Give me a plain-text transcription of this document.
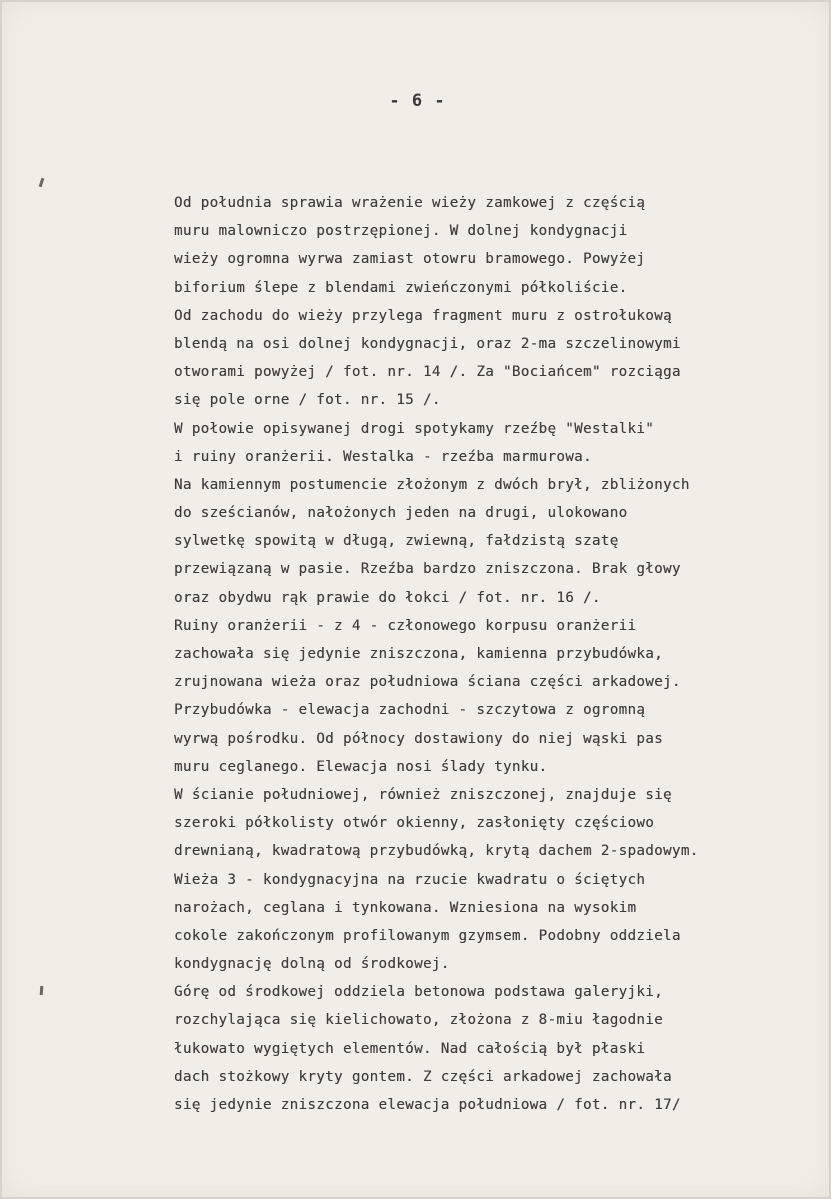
- 6 -
Od południa sprawia wrażenie wieży zamkowej z częścią
muru malowniczo postrzępionej. W dolnej kondygnacji
wieży ogromna wyrwa zamiast otowru bramowego. Powyżej
biforium ślepe z blendami zwieńczonymi półkoliście.
Od zachodu do wieży przylega fragment muru z ostrołukową
blendą na osi dolnej kondygnacji, oraz 2-ma szczelinowymi
otworami powyżej / fot. nr. 14 /. Za "Bociańcem" rozciąga
się pole orne / fot. nr. 15 /.
W połowie opisywanej drogi spotykamy rzeźbę "Westalki"
i ruiny oranżerii. Westalka - rzeźba marmurowa.
Na kamiennym postumencie złożonym z dwóch brył, zbliżonych
do sześcianów, nałożonych jeden na drugi, ulokowano
sylwetkę spowitą w długą, zwiewną, fałdzistą szatę
przewiązaną w pasie. Rzeźba bardzo zniszczona. Brak głowy
oraz obydwu rąk prawie do łokci / fot. nr. 16 /.
Ruiny oranżerii - z 4 - członowego korpusu oranżerii
zachowała się jedynie zniszczona, kamienna przybudówka,
zrujnowana wieża oraz południowa ściana części arkadowej.
Przybudówka - elewacja zachodni - szczytowa z ogromną
wyrwą pośrodku. Od północy dostawiony do niej wąski pas
muru ceglanego. Elewacja nosi ślady tynku.
W ścianie południowej, również zniszczonej, znajduje się
szeroki półkolisty otwór okienny, zasłonięty częściowo
drewnianą, kwadratową przybudówką, krytą dachem 2-spadowym.
Wieża 3 - kondygnacyjna na rzucie kwadratu o ściętych
narożach, ceglana i tynkowana. Wzniesiona na wysokim
cokole zakończonym profilowanym gzymsem. Podobny oddziela
kondygnację dolną od środkowej.
Górę od środkowej oddziela betonowa podstawa galeryjki,
rozchylająca się kielichowato, złożona z 8-miu łagodnie
łukowato wygiętych elementów. Nad całością był płaski
dach stożkowy kryty gontem. Z części arkadowej zachowała
się jedynie zniszczona elewacja południowa / fot. nr. 17/
